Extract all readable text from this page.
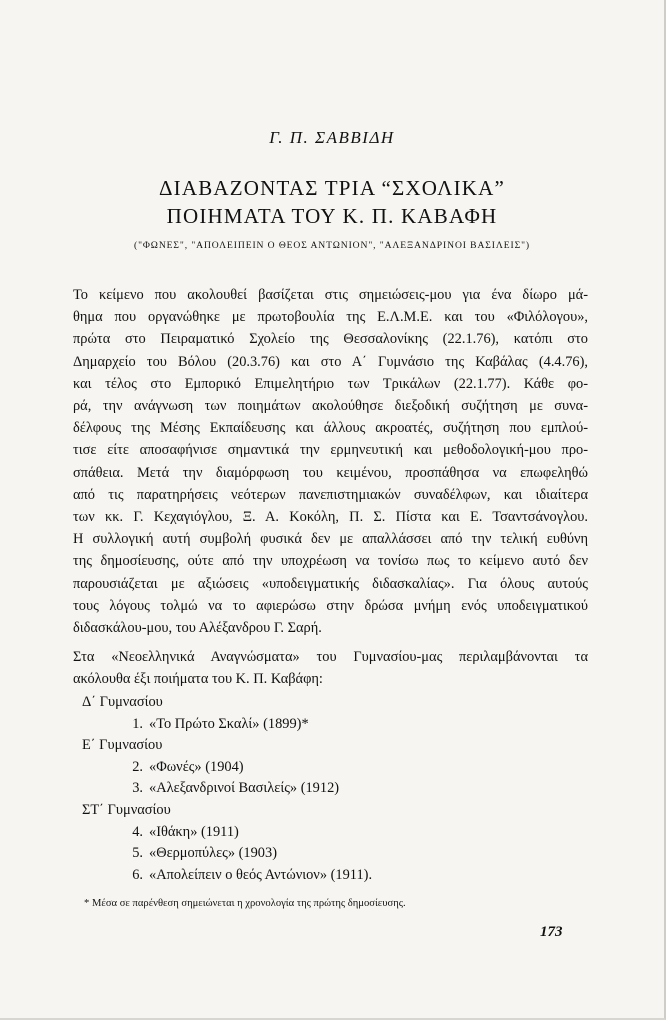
Γ. Π. ΣΑΒΒΙΔΗ
ΔΙΑΒΑΖΟΝΤΑΣ ΤΡΙΑ “ΣΧΟΛΙΚΑ”
ΠΟΙΗΜΑΤΑ ΤΟΥ Κ. Π. ΚΑΒΑΦΗ
("ΦΩΝΕΣ", "ΑΠΟΛΕΙΠΕΙΝ Ο ΘΕΟΣ ΑΝΤΩΝΙΟΝ", "ΑΛΕΞΑΝΔΡΙΝΟΙ ΒΑΣΙΛΕΙΣ")
Το κείμενο που ακολουθεί βασίζεται στις σημειώσεις-μου για ένα δίωρο μά-
θημα που οργανώθηκε με πρωτοβουλία της Ε.Λ.Μ.Ε. και του «Φιλόλογου»,
πρώτα στο Πειραματικό Σχολείο της Θεσσαλονίκης (22.1.76), κατόπι στο
Δημαρχείο του Βόλου (20.3.76) και στο Α΄ Γυμνάσιο της Καβάλας (4.4.76),
και τέλος στο Εμπορικό Επιμελητήριο των Τρικάλων (22.1.77). Κάθε φο-
ρά, την ανάγνωση των ποιημάτων ακολούθησε διεξοδική συζήτηση με συνα-
δέλφους της Μέσης Εκπαίδευσης και άλλους ακροατές, συζήτηση που εμπλού-
τισε είτε αποσαφήνισε σημαντικά την ερμηνευτική και μεθοδολογική-μου προ-
σπάθεια. Μετά την διαμόρφωση του κειμένου, προσπάθησα να επωφεληθώ
από τις παρατηρήσεις νεότερων πανεπιστημιακών συναδέλφων, και ιδιαίτερα
των κκ. Γ. Κεχαγιόγλου, Ξ. Α. Κοκόλη, Π. Σ. Πίστα και Ε. Τσαντσάνογλου.
Η συλλογική αυτή συμβολή φυσικά δεν με απαλλάσσει από την τελική ευθύνη
της δημοσίευσης, ούτε από την υποχρέωση να τονίσω πως το κείμενο αυτό δεν
παρουσιάζεται με αξιώσεις «υποδειγματικής διδασκαλίας». Για όλους αυτούς
τους λόγους τολμώ να το αφιερώσω στην δρώσα μνήμη ενός υποδειγματικού
διδασκάλου-μου, του Αλέξανδρου Γ. Σαρή.
Στα «Νεοελληνικά Αναγνώσματα» του Γυμνασίου-μας περιλαμβάνονται τα
ακόλουθα έξι ποιήματα του Κ. Π. Καβάφη:
Δ΄ Γυμνασίου
1. «Το Πρώτο Σκαλί» (1899)*
Ε΄ Γυμνασίου
2. «Φωνές» (1904)
3. «Αλεξανδρινοί Βασιλείς» (1912)
ΣΤ΄ Γυμνασίου
4. «Ιθάκη» (1911)
5. «Θερμοπύλες» (1903)
6. «Απολείπειν ο θεός Αντώνιον» (1911).
* Μέσα σε παρένθεση σημειώνεται η χρονολογία της πρώτης δημοσίευσης.
173
